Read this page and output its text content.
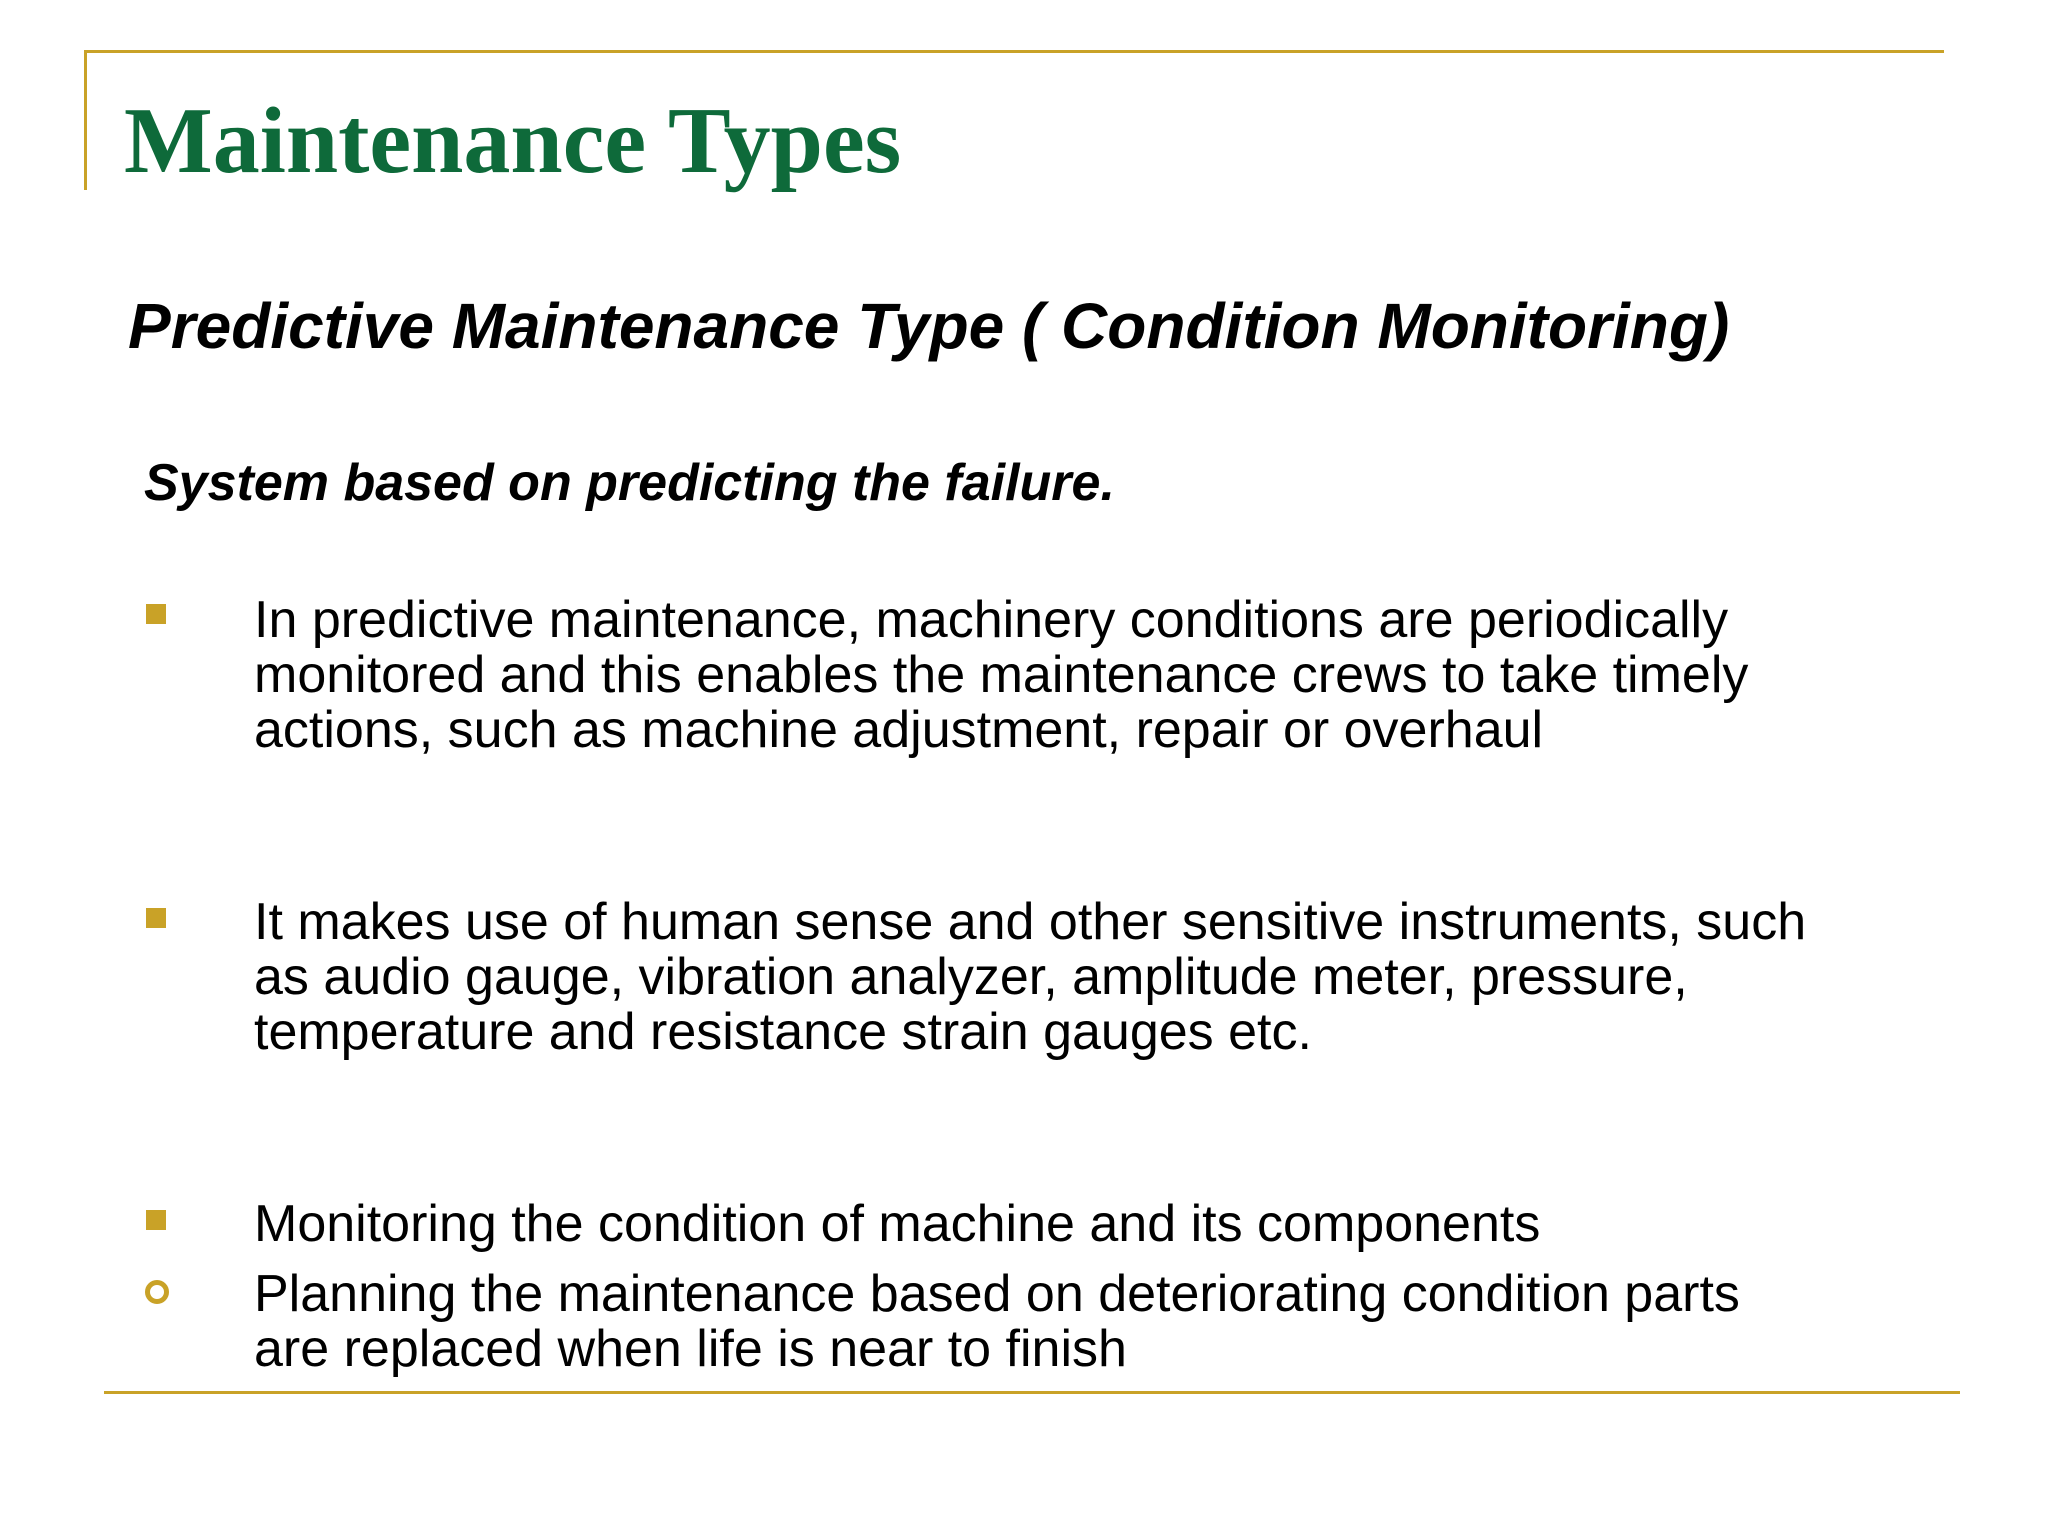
Maintenance Types
Predictive Maintenance Type ( Condition Monitoring)

System based on predicting the failure.

In predictive maintenance, machinery conditions are periodically monitored and this enables the maintenance crews to take timely actions, such as machine adjustment, repair or overhaul

It makes use of human sense and other sensitive instruments, such as audio gauge, vibration analyzer, amplitude meter, pressure, temperature and resistance strain gauges etc.

Monitoring the condition of machine and its components

Planning the maintenance based on deteriorating condition parts are replaced when life is near to finish
